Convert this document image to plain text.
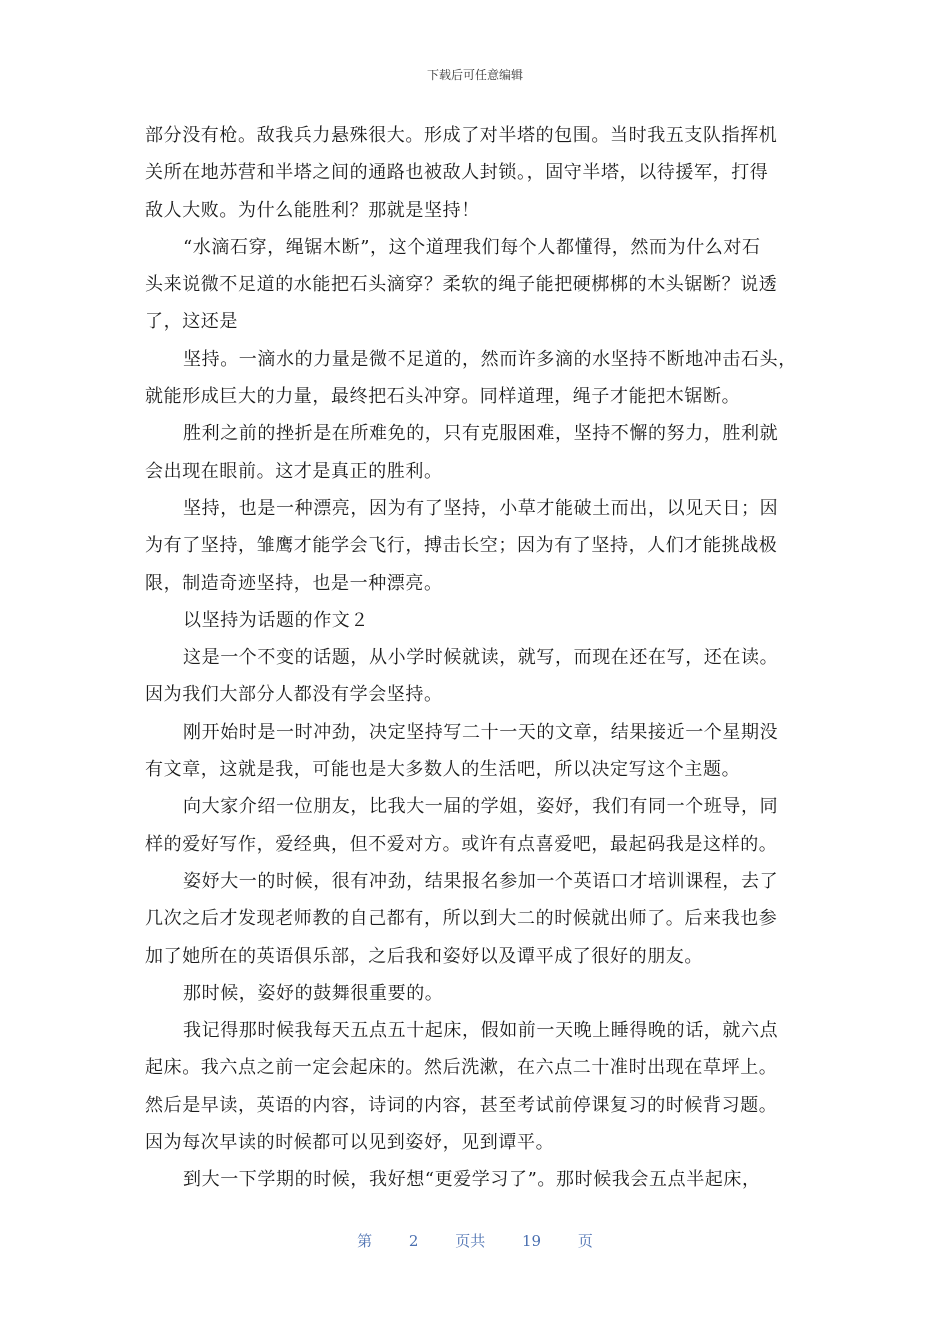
下载后可任意编辑
部分没有枪。敌我兵力悬殊很大。形成了对半塔的包围。当时我五支队指挥机
关所在地苏营和半塔之间的通路也被敌人封锁。，固守半塔，以待援军，打得
敌人大败。为什么能胜利？那就是坚持！
“水滴石穿，绳锯木断”，这个道理我们每个人都懂得，然而为什么对石
头来说微不足道的水能把石头滴穿？柔软的绳子能把硬梆梆的木头锯断？说透
了，这还是
坚持。一滴水的力量是微不足道的，然而许多滴的水坚持不断地冲击石头，
就能形成巨大的力量，最终把石头冲穿。同样道理，绳子才能把木锯断。
胜利之前的挫折是在所难免的，只有克服困难，坚持不懈的努力，胜利就
会出现在眼前。这才是真正的胜利。
坚持，也是一种漂亮，因为有了坚持，小草才能破土而出，以见天日；因
为有了坚持，雏鹰才能学会飞行，搏击长空；因为有了坚持，人们才能挑战极
限，制造奇迹坚持，也是一种漂亮。
以坚持为话题的作文２
这是一个不变的话题，从小学时候就读，就写，而现在还在写，还在读。
因为我们大部分人都没有学会坚持。
刚开始时是一时冲劲，决定坚持写二十一天的文章，结果接近一个星期没
有文章，这就是我，可能也是大多数人的生活吧，所以决定写这个主题。
向大家介绍一位朋友，比我大一届的学姐，姿妤，我们有同一个班导，同
样的爱好写作，爱经典，但不爱对方。或许有点喜爱吧，最起码我是这样的。
姿妤大一的时候，很有冲劲，结果报名参加一个英语口才培训课程，去了
几次之后才发现老师教的自己都有，所以到大二的时候就出师了。后来我也参
加了她所在的英语俱乐部，之后我和姿妤以及谭平成了很好的朋友。
那时候，姿妤的鼓舞很重要的。
我记得那时候我每天五点五十起床，假如前一天晚上睡得晚的话，就六点
起床。我六点之前一定会起床的。然后洗漱，在六点二十准时出现在草坪上。
然后是早读，英语的内容，诗词的内容，甚至考试前停课复习的时候背习题。
因为每次早读的时候都可以见到姿妤，见到谭平。
到大一下学期的时候，我好想“更爱学习了”。那时候我会五点半起床，
第 2 页共 19 页
